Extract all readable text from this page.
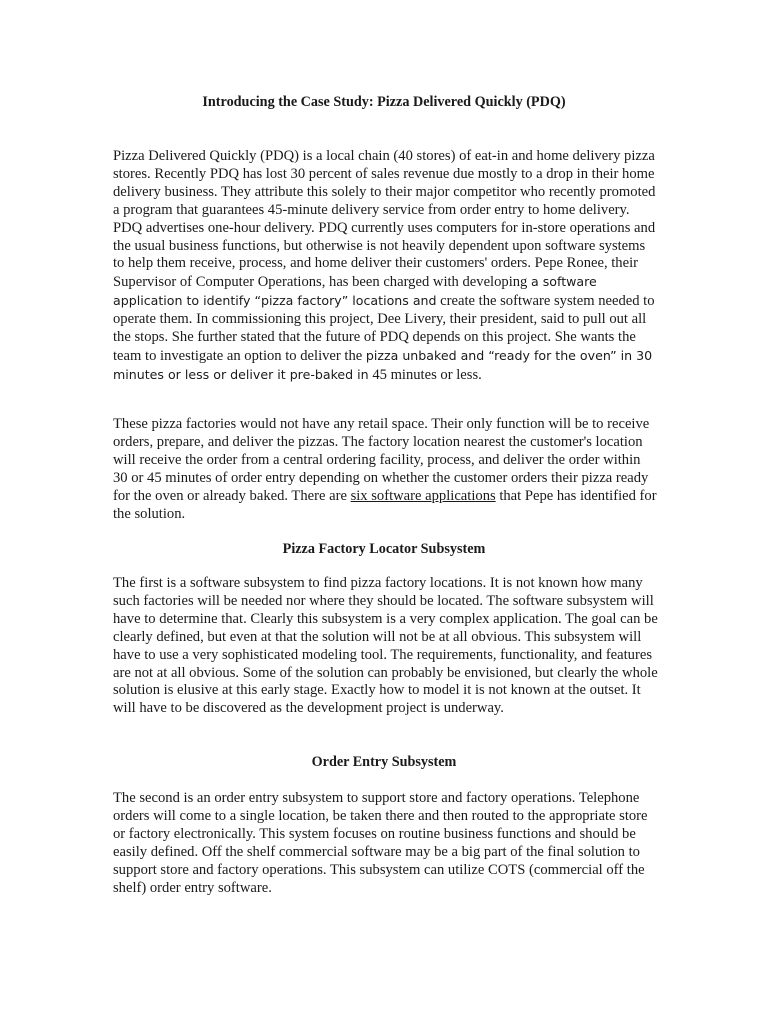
Introducing the Case Study: Pizza Delivered Quickly (PDQ)

Pizza Delivered Quickly (PDQ) is a local chain (40 stores) of eat-in and home delivery pizza stores. Recently PDQ has lost 30 percent of sales revenue due mostly to a drop in their home delivery business. They attribute this solely to their major competitor who recently promoted a program that guarantees 45-minute delivery service from order entry to home delivery. PDQ advertises one-hour delivery. PDQ currently uses computers for in-store operations and the usual business functions, but otherwise is not heavily dependent upon software systems to help them receive, process, and home deliver their customers' orders. Pepe Ronee, their Supervisor of Computer Operations, has been charged with developing a software application to identify “pizza factory” locations and create the software system needed to operate them. In commissioning this project, Dee Livery, their president, said to pull out all the stops. She further stated that the future of PDQ depends on this project. She wants the team to investigate an option to deliver the pizza unbaked and “ready for the oven” in 30 minutes or less or deliver it pre-baked in 45 minutes or less.

These pizza factories would not have any retail space. Their only function will be to receive orders, prepare, and deliver the pizzas. The factory location nearest the customer's location will receive the order from a central ordering facility, process, and deliver the order within 30 or 45 minutes of order entry depending on whether the customer orders their pizza ready for the oven or already baked. There are six software applications that Pepe has identified for the solution.

Pizza Factory Locator Subsystem

The first is a software subsystem to find pizza factory locations. It is not known how many such factories will be needed nor where they should be located. The software subsystem will have to determine that. Clearly this subsystem is a very complex application. The goal can be clearly defined, but even at that the solution will not be at all obvious. This subsystem will have to use a very sophisticated modeling tool. The requirements, functionality, and features are not at all obvious. Some of the solution can probably be envisioned, but clearly the whole solution is elusive at this early stage. Exactly how to model it is not known at the outset. It will have to be discovered as the development project is underway.

Order Entry Subsystem

The second is an order entry subsystem to support store and factory operations. Telephone orders will come to a single location, be taken there and then routed to the appropriate store or factory electronically. This system focuses on routine business functions and should be easily defined. Off the shelf commercial software may be a big part of the final solution to support store and factory operations. This subsystem can utilize COTS (commercial off the shelf) order entry software.
